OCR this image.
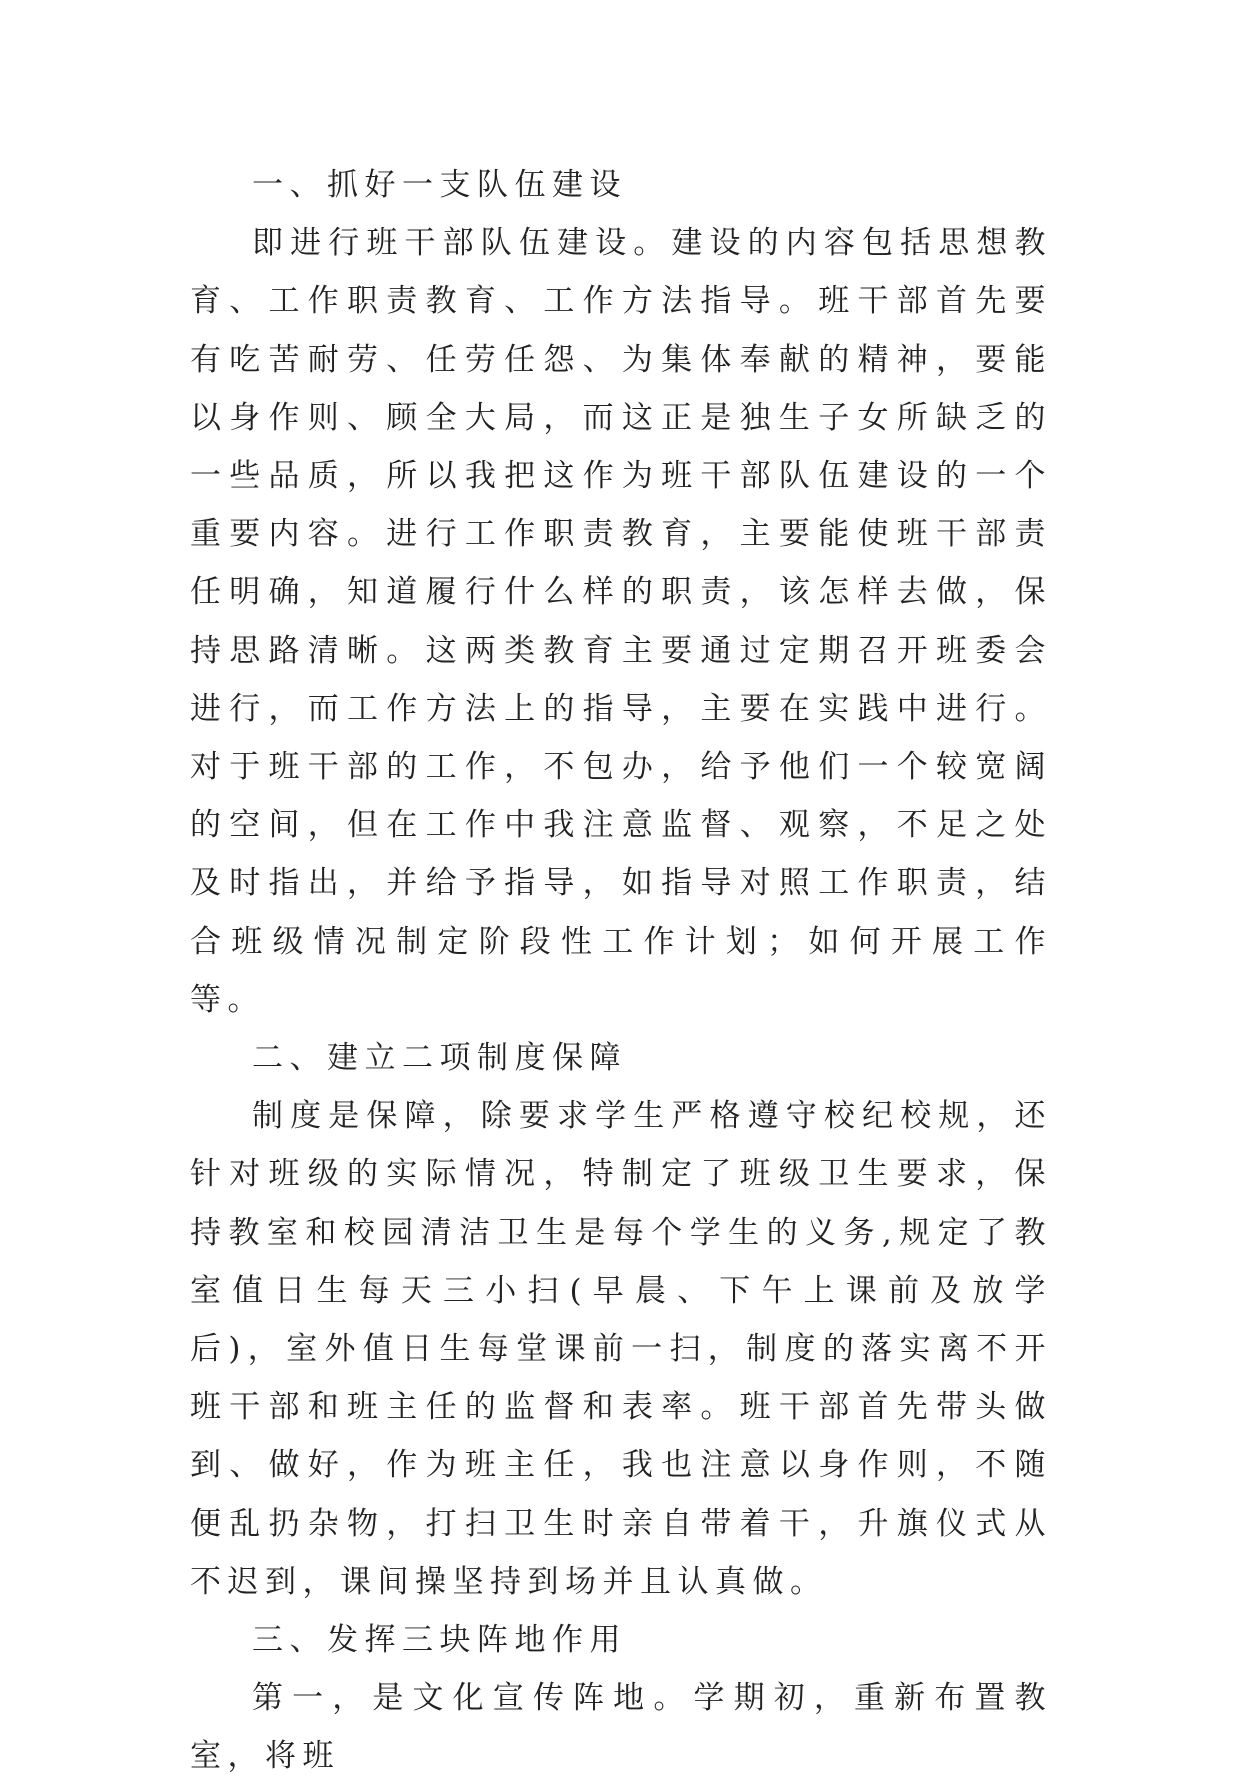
一、抓好一支队伍建设

即进行班干部队伍建设。建设的内容包括思想教育、工作职责教育、工作方法指导。班干部首先要有吃苦耐劳、任劳任怨、为集体奉献的精神，要能以身作则、顾全大局，而这正是独生子女所缺乏的一些品质，所以我把这作为班干部队伍建设的一个重要内容。进行工作职责教育，主要能使班干部责任明确，知道履行什么样的职责，该怎样去做，保持思路清晰。这两类教育主要通过定期召开班委会进行，而工作方法上的指导，主要在实践中进行。对于班干部的工作，不包办，给予他们一个较宽阔的空间，但在工作中我注意监督、观察，不足之处及时指出，并给予指导，如指导对照工作职责，结合班级情况制定阶段性工作计划；如何开展工作等。

二、建立二项制度保障

制度是保障，除要求学生严格遵守校纪校规，还针对班级的实际情况，特制定了班级卫生要求，保持教室和校园清洁卫生是每个学生的义务,规定了教室值日生每天三小扫(早晨、下午上课前及放学后)，室外值日生每堂课前一扫，制度的落实离不开班干部和班主任的监督和表率。班干部首先带头做到、做好，作为班主任，我也注意以身作则，不随便乱扔杂物，打扫卫生时亲自带着干，升旗仪式从不迟到，课间操坚持到场并且认真做。

三、发挥三块阵地作用

第一，是文化宣传阵地。学期初，重新布置教室，将班
